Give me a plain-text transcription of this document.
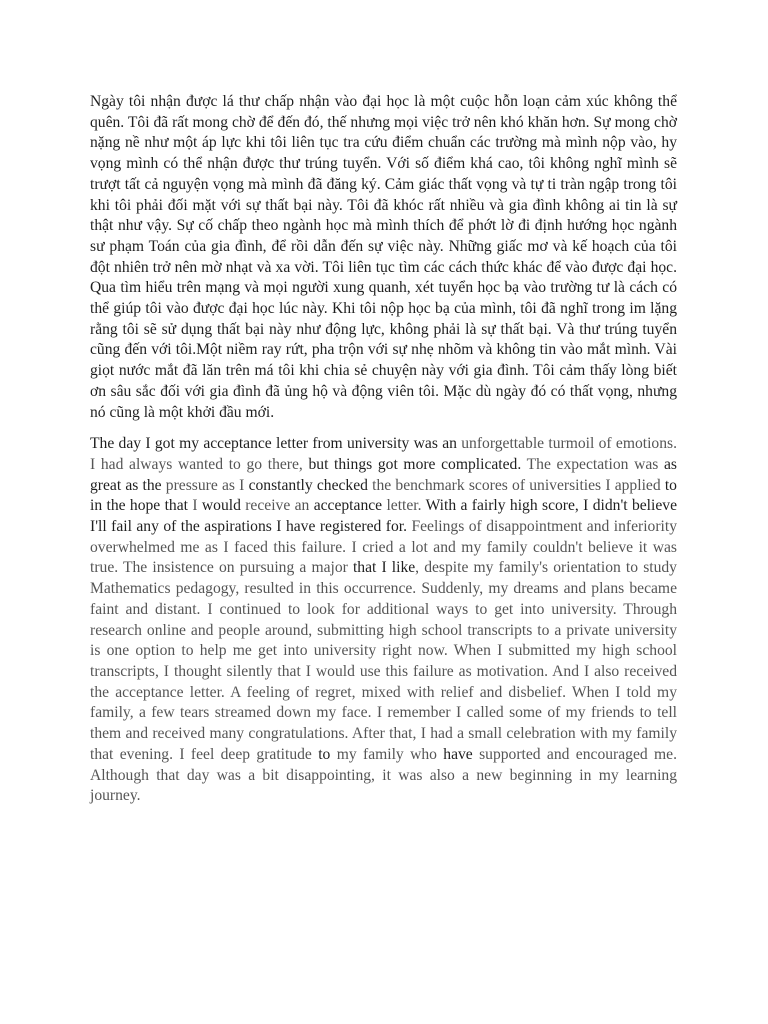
Ngày tôi nhận được lá thư chấp nhận vào đại học là một cuộc hỗn loạn cảm xúc không thể quên. Tôi đã rất mong chờ để đến đó, thế nhưng mọi việc trở nên khó khăn hơn. Sự mong chờ nặng nề như một áp lực khi tôi liên tục tra cứu điểm chuẩn các trường mà mình nộp vào, hy vọng mình có thể nhận được thư trúng tuyển. Với số điểm khá cao, tôi không nghĩ mình sẽ trượt tất cả nguyện vọng mà mình đã đăng ký. Cảm giác thất vọng và tự ti tràn ngập trong tôi khi tôi phải đối mặt với sự thất bại này. Tôi đã khóc rất nhiều và gia đình không ai tin là sự thật như vậy. Sự cố chấp theo ngành học mà mình thích để phớt lờ đi định hướng học ngành sư phạm Toán của gia đình, để rồi dẫn đến sự việc này. Những giấc mơ và kế hoạch của tôi đột nhiên trở nên mờ nhạt và xa vời. Tôi liên tục tìm các cách thức khác để vào được đại học. Qua tìm hiểu trên mạng và mọi người xung quanh, xét tuyển học bạ vào trường tư là cách có thể giúp tôi vào được đại học lúc này. Khi tôi nộp học bạ của mình, tôi đã nghĩ trong im lặng rằng tôi sẽ sử dụng thất bại này như động lực, không phải là sự thất bại. Và thư trúng tuyển cũng đến với tôi.Một niềm ray rứt, pha trộn với sự nhẹ nhõm và không tin vào mắt mình. Vài giọt nước mắt đã lăn trên má tôi khi chia sẻ chuyện này với gia đình. Tôi cảm thấy lòng biết ơn sâu sắc đối với gia đình đã ủng hộ và động viên tôi. Mặc dù ngày đó có thất vọng, nhưng nó cũng là một khởi đầu mới.

The day I got my acceptance letter from university was an unforgettable turmoil of emotions. I had always wanted to go there, but things got more complicated. The expectation was as great as the pressure as I constantly checked the benchmark scores of universities I applied to in the hope that I would receive an acceptance letter. With a fairly high score, I didn't believe I'll fail any of the aspirations I have registered for. Feelings of disappointment and inferiority overwhelmed me as I faced this failure. I cried a lot and my family couldn't believe it was true. The insistence on pursuing a major that I like, despite my family's orientation to study Mathematics pedagogy, resulted in this occurrence. Suddenly, my dreams and plans became faint and distant. I continued to look for additional ways to get into university. Through research online and people around, submitting high school transcripts to a private university is one option to help me get into university right now. When I submitted my high school transcripts, I thought silently that I would use this failure as motivation. And I also received the acceptance letter. A feeling of regret, mixed with relief and disbelief. When I told my family, a few tears streamed down my face. I remember I called some of my friends to tell them and received many congratulations. After that, I had a small celebration with my family that evening. I feel deep gratitude to my family who have supported and encouraged me. Although that day was a bit disappointing, it was also a new beginning in my learning journey.
